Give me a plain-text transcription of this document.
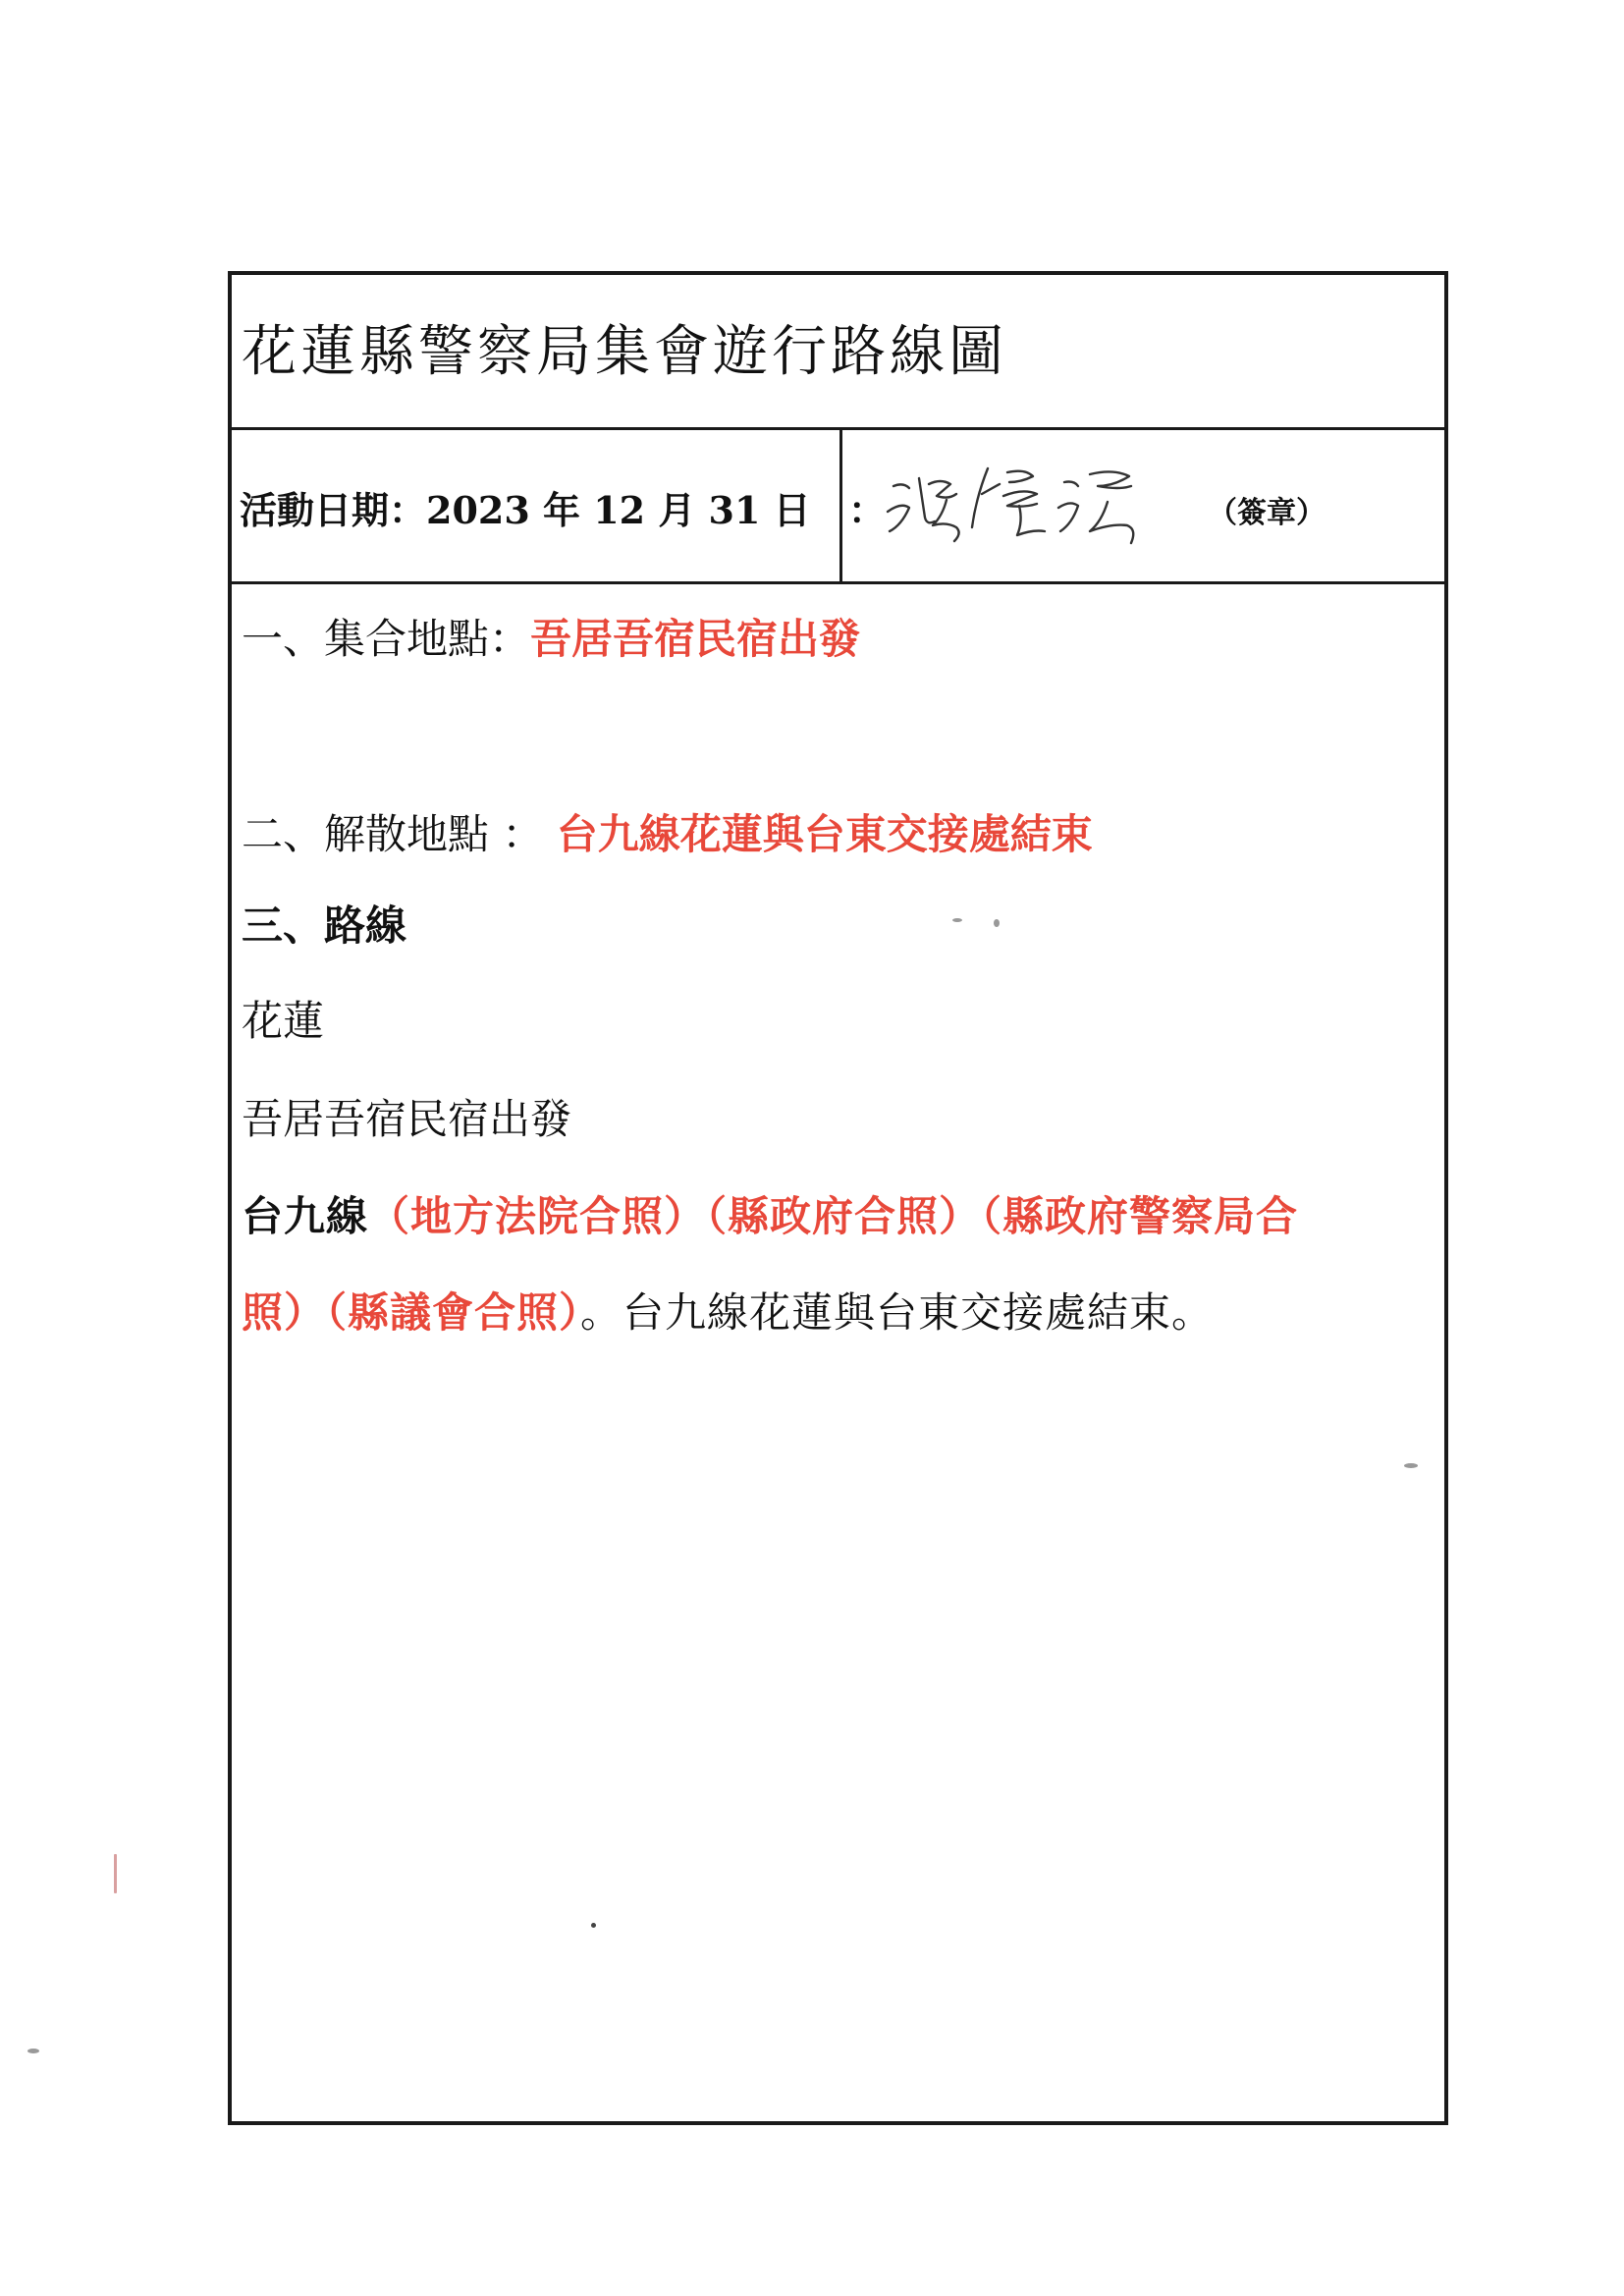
花蓮縣警察局集會遊行路線圖
活動日期：2023 年 12 月 31 日 ：	（簽章）
一、集合地點：吾居吾宿民宿出發
二、解散地點 ： 台九線花蓮與台東交接處結束
三、路線
花蓮
吾居吾宿民宿出發
台九線（地方法院合照）（縣政府合照）（縣政府警察局合
照）（縣議會合照）。台九線花蓮與台東交接處結束。
